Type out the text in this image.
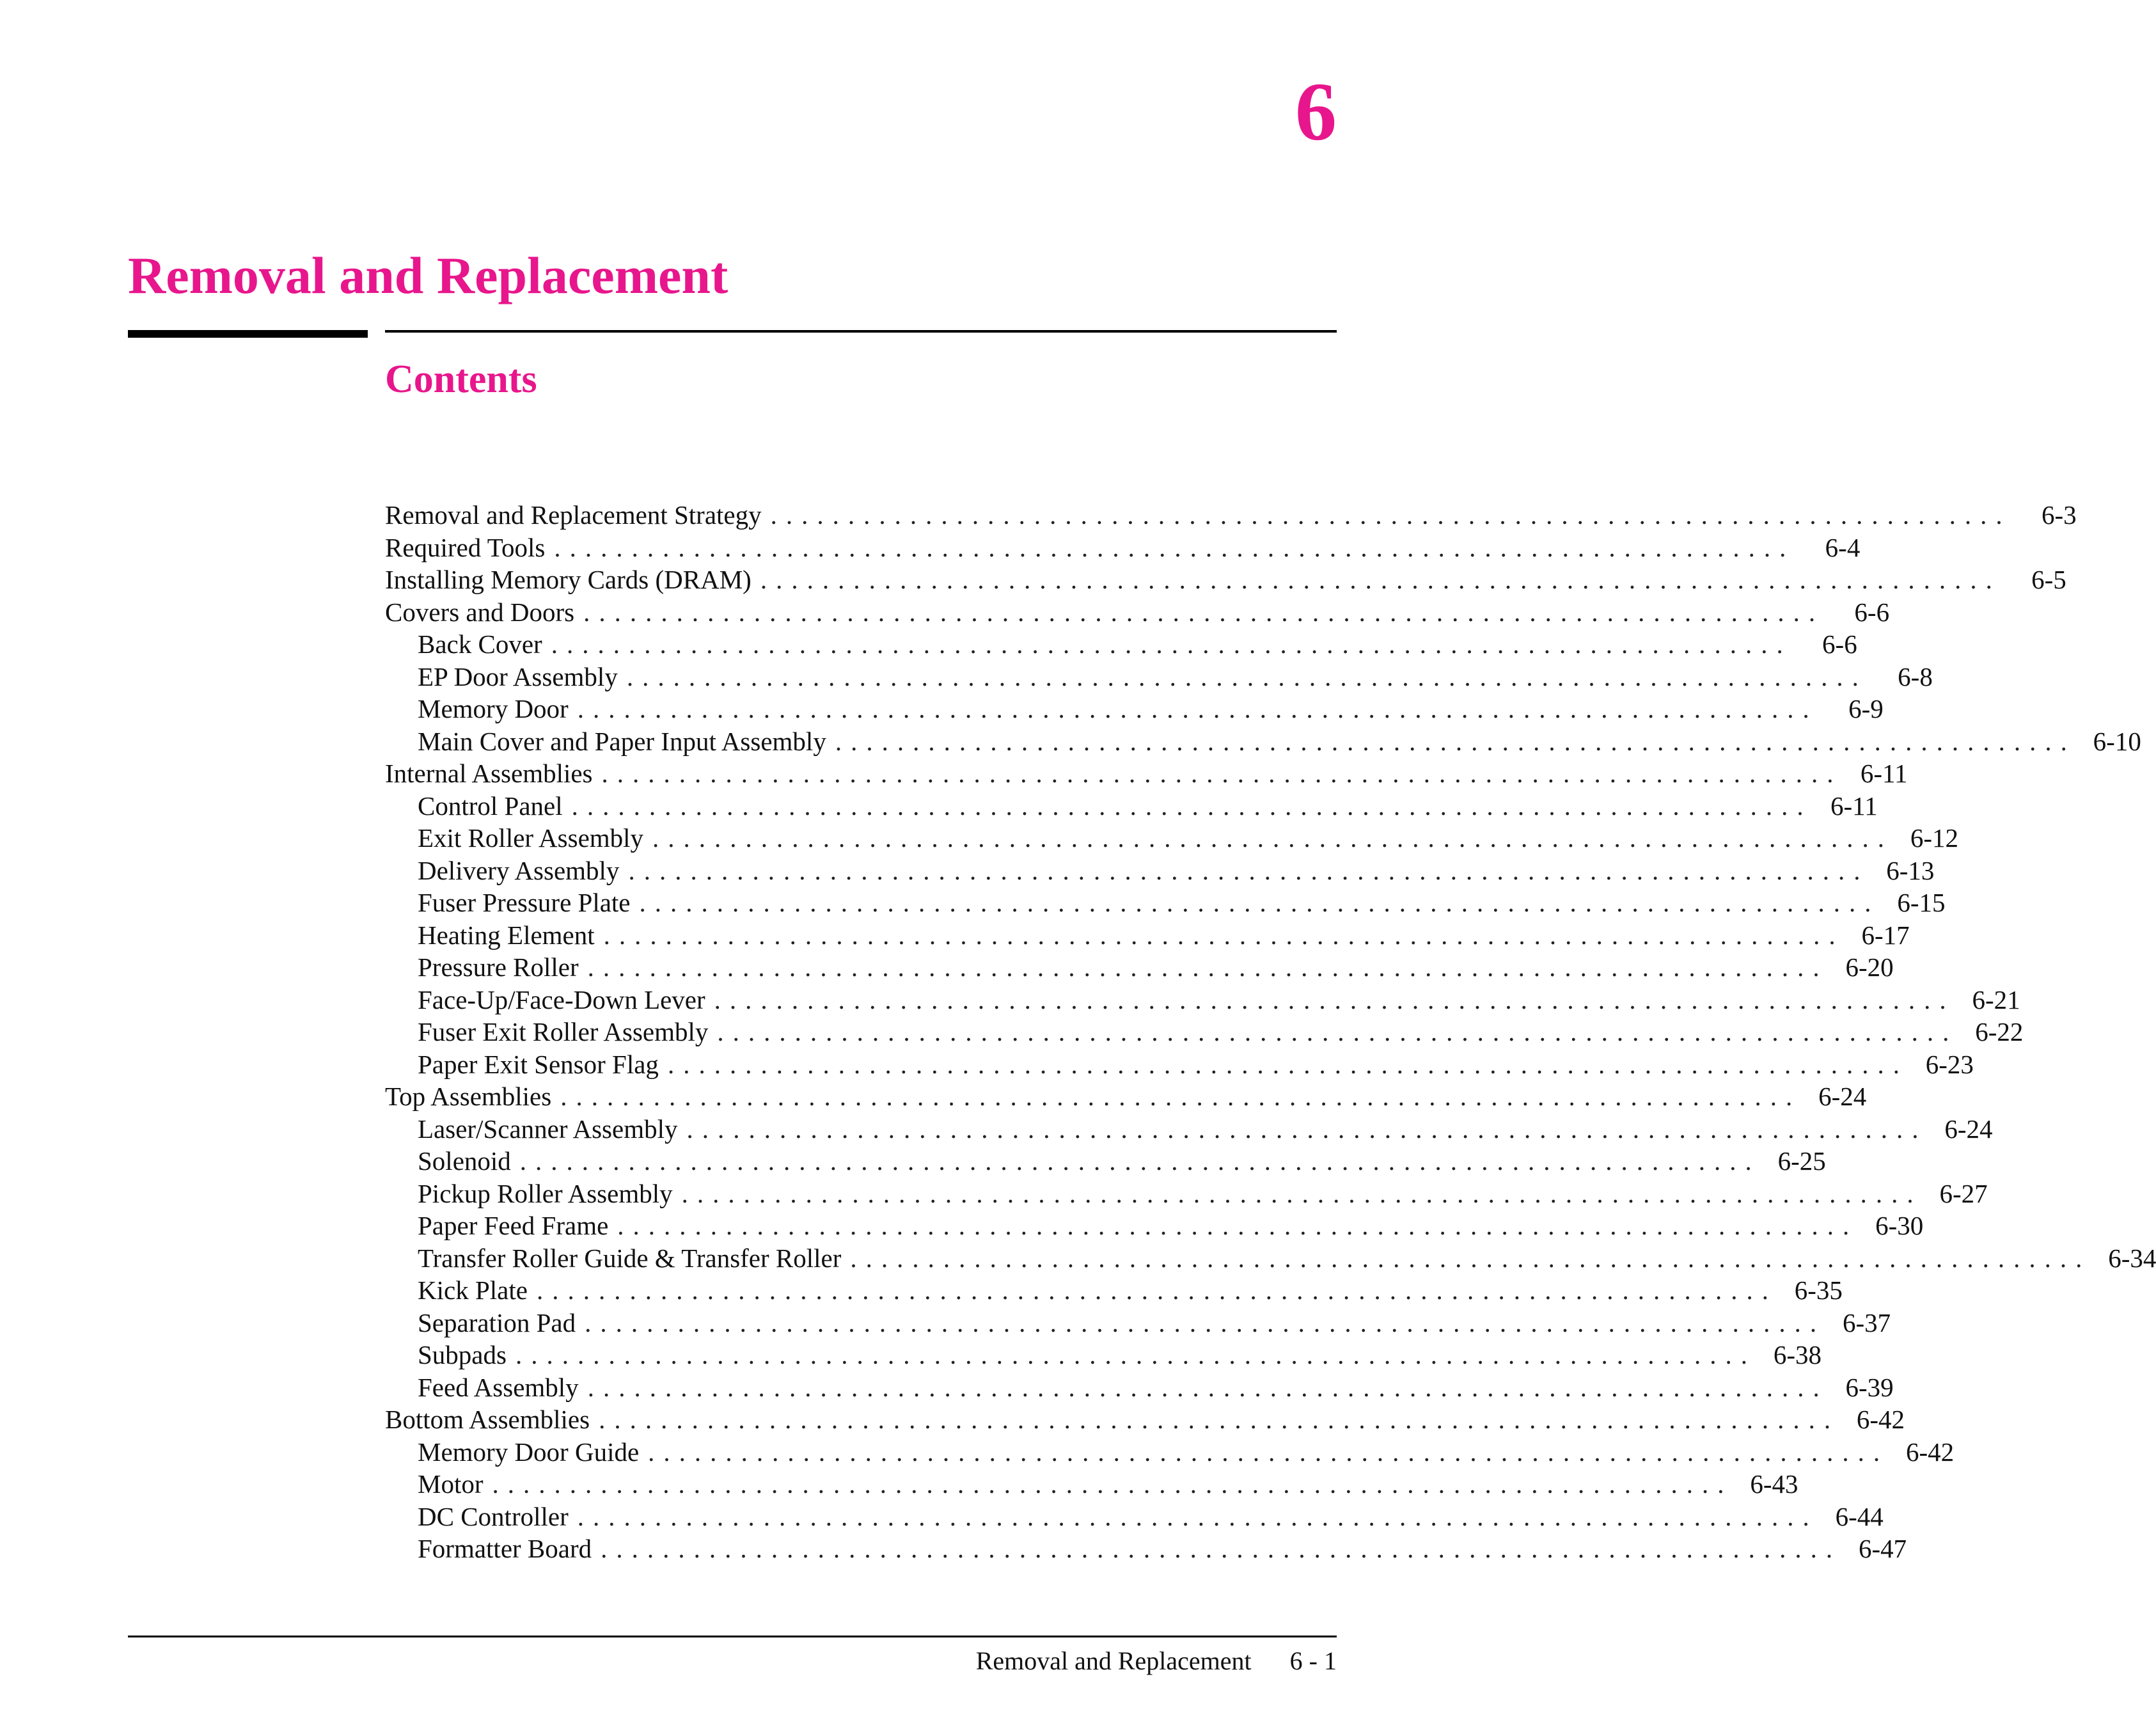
6
Removal and Replacement
Contents
Removal and Replacement Strategy ................................................................................	6-3
Required Tools ................................................................................	6-4
Installing Memory Cards (DRAM) ................................................................................	6-5
Covers and Doors ................................................................................	6-6
Back Cover ................................................................................	6-6
EP Door Assembly ................................................................................	6-8
Memory Door ................................................................................	6-9
Main Cover and Paper Input Assembly ................................................................................ 6-10
Internal Assemblies ................................................................................ 6-11
Control Panel ................................................................................ 6-11
Exit Roller Assembly ................................................................................ 6-12
Delivery Assembly ................................................................................ 6-13
Fuser Pressure Plate ................................................................................ 6-15
Heating Element ................................................................................ 6-17
Pressure Roller ................................................................................ 6-20
Face-Up/Face-Down Lever ................................................................................ 6-21
Fuser Exit Roller Assembly ................................................................................ 6-22
Paper Exit Sensor Flag ................................................................................ 6-23
Top Assemblies ................................................................................ 6-24
Laser/Scanner Assembly ................................................................................ 6-24
Solenoid ................................................................................ 6-25
Pickup Roller Assembly ................................................................................ 6-27
Paper Feed Frame ................................................................................ 6-30
Transfer Roller Guide & Transfer Roller ................................................................................ 6-34
Kick Plate ................................................................................ 6-35
Separation Pad ................................................................................ 6-37
Subpads ................................................................................ 6-38
Feed Assembly ................................................................................ 6-39
Bottom Assemblies ................................................................................ 6-42
Memory Door Guide ................................................................................ 6-42
Motor ................................................................................ 6-43
DC Controller ................................................................................ 6-44
Formatter Board ................................................................................ 6-47
Removal and Replacement 6 - 1
